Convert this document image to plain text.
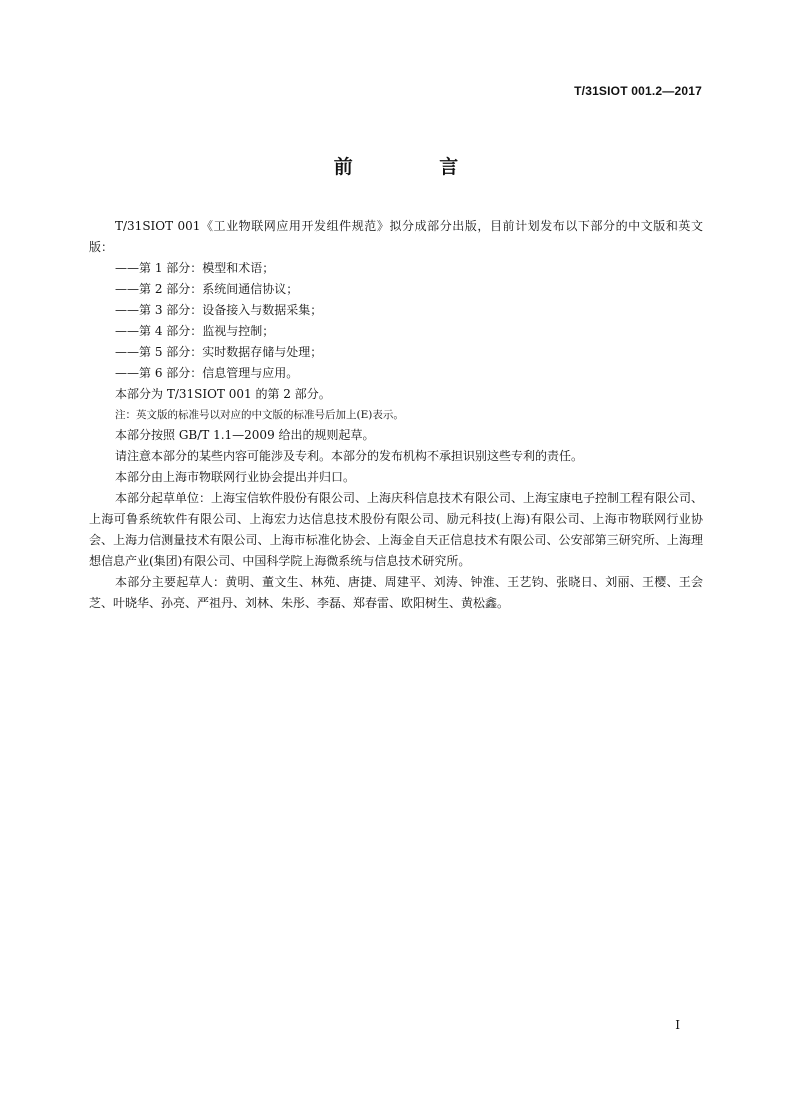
T/31SIOT 001.2—2017
前 言

T/31SIOT 001《工业物联网应用开发组件规范》拟分成部分出版，目前计划发布以下部分的中文版和英文版：

——第 1 部分：模型和术语；

——第 2 部分：系统间通信协议；

——第 3 部分：设备接入与数据采集；

——第 4 部分：监视与控制；

——第 5 部分：实时数据存储与处理；

——第 6 部分：信息管理与应用。

本部分为 T/31SIOT 001 的第 2 部分。

注：英文版的标准号以对应的中文版的标准号后加上(E)表示。

本部分按照 GB/T 1.1—2009 给出的规则起草。

请注意本部分的某些内容可能涉及专利。本部分的发布机构不承担识别这些专利的责任。

本部分由上海市物联网行业协会提出并归口。

本部分起草单位：上海宝信软件股份有限公司、上海庆科信息技术有限公司、上海宝康电子控制工程有限公司、上海可鲁系统软件有限公司、上海宏力达信息技术股份有限公司、励元科技(上海)有限公司、上海市物联网行业协会、上海力信测量技术有限公司、上海市标准化协会、上海金自天正信息技术有限公司、公安部第三研究所、上海理想信息产业(集团)有限公司、中国科学院上海微系统与信息技术研究所。

本部分主要起草人：黄明、董文生、林苑、唐捷、周建平、刘涛、钟淮、王艺钧、张晓日、刘丽、王樱、王会芝、叶晓华、孙亮、严祖丹、刘林、朱彤、李磊、郑春雷、欧阳树生、黄松鑫。

I
